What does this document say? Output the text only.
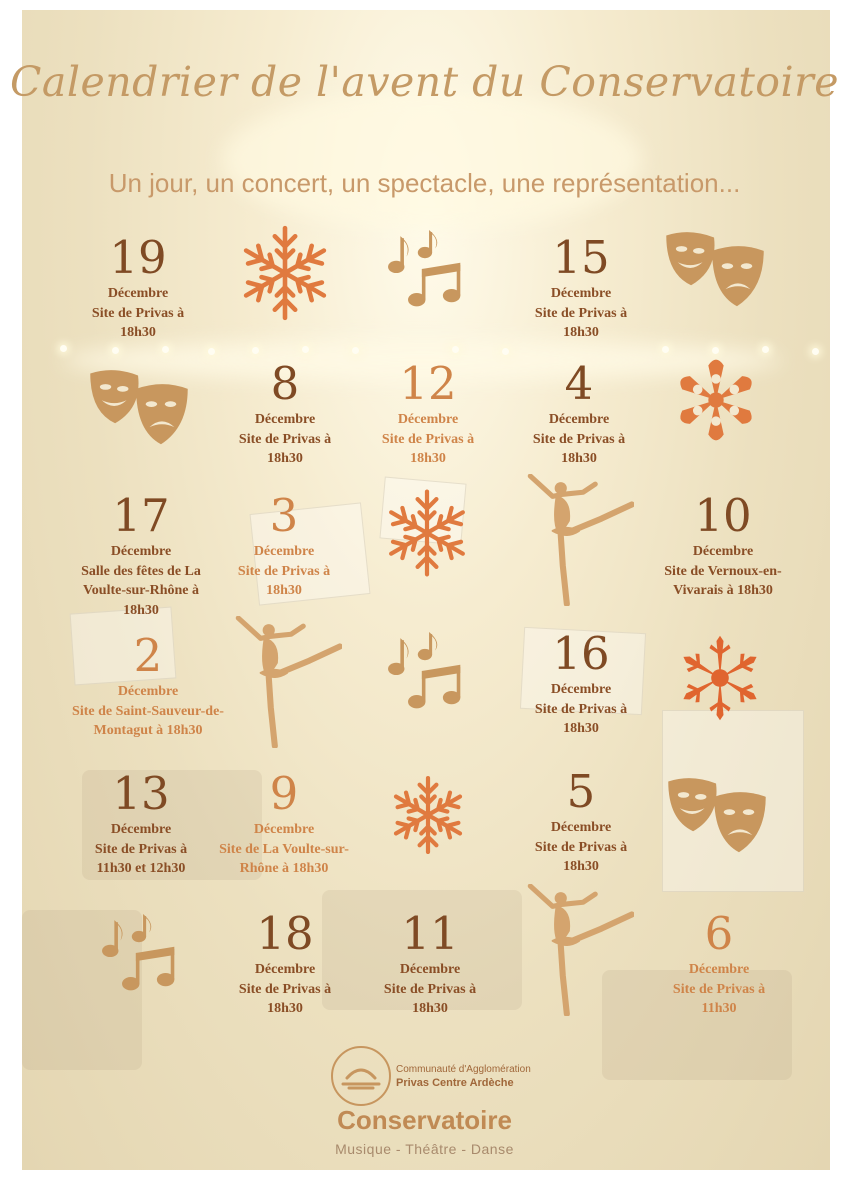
Calendrier de l'avent du Conservatoire
Un jour, un concert, un spectacle, une représentation...
19
Décembre
Site de Privas à
18h30
15
Décembre
Site de Privas à
18h30
8
Décembre
Site de Privas à
18h30
12
Décembre
Site de Privas à
18h30
4
Décembre
Site de Privas à
18h30
17
Décembre
Salle des fêtes de La
Voulte-sur-Rhône à
18h30
3
Décembre
Site de Privas à
18h30
10
Décembre
Site de Vernoux-en-
Vivarais à 18h30
2
Décembre
Site de Saint-Sauveur-de-
Montagut à 18h30
16
Décembre
Site de Privas à
18h30
13
Décembre
Site de Privas à
11h30 et 12h30
9
Décembre
Site de La Voulte-sur-
Rhône à 18h30
5
Décembre
Site de Privas à
18h30
18
Décembre
Site de Privas à
18h30
11
Décembre
Site de Privas à
18h30
6
Décembre
Site de Privas à
11h30
Communauté d'Agglomération
Privas Centre Ardèche
Conservatoire
Musique - Théâtre - Danse
